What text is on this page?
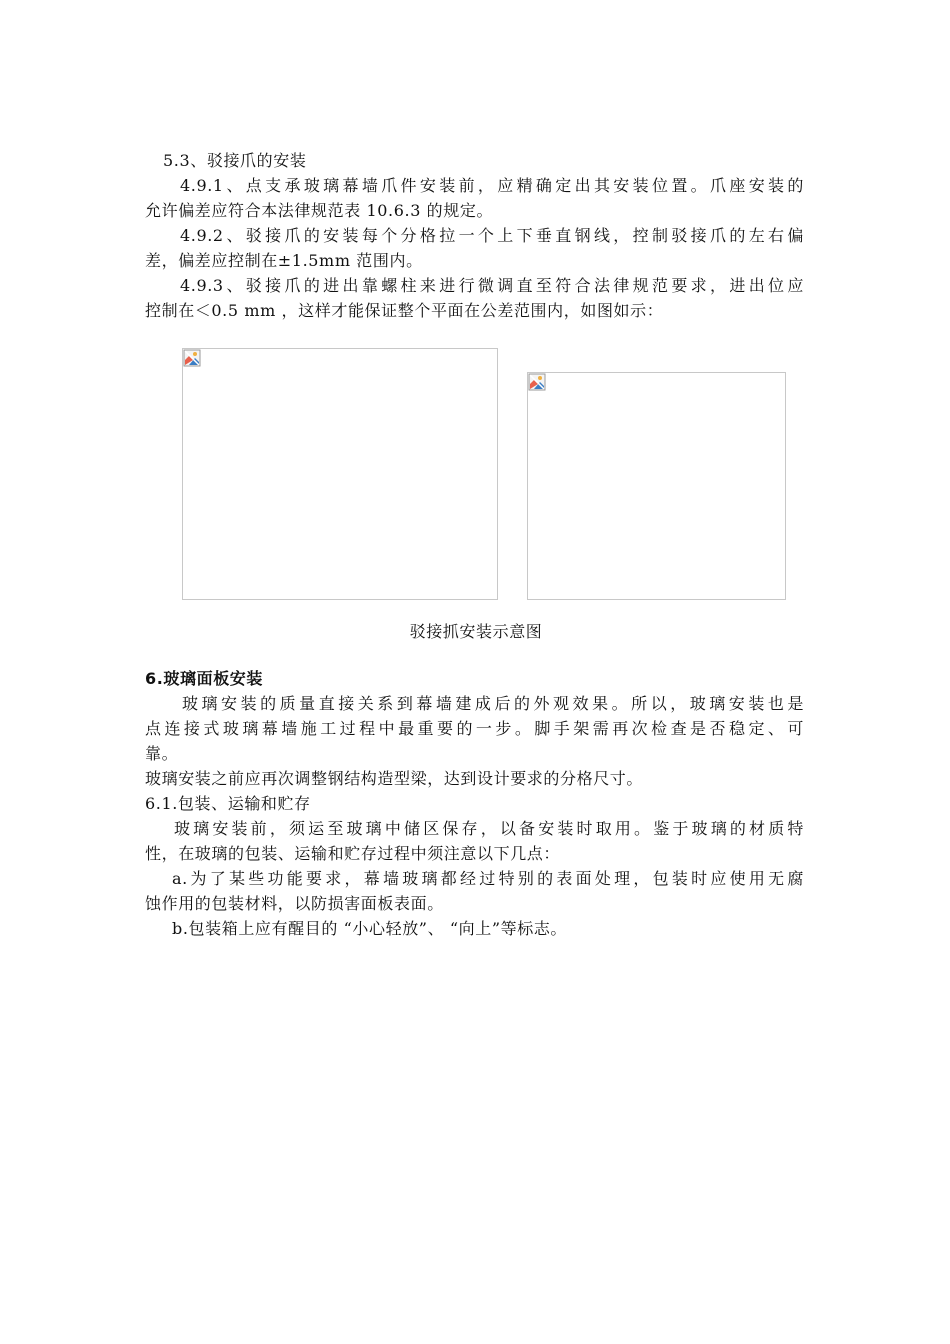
5.3、驳接爪的安装
4.9.1、点支承玻璃幕墙爪件安装前，应精确定出其安装位置。爪座安装的
允许偏差应符合本法律规范表 10.6.3 的规定。
4.9.2、驳接爪的安装每个分格拉一个上下垂直钢线，控制驳接爪的左右偏
差，偏差应控制在±1.5mm 范围内。
4.9.3、驳接爪的进出靠螺柱来进行微调直至符合法律规范要求，进出位应
控制在＜0.5 mm ，这样才能保证整个平面在公差范围内，如图如示：
驳接抓安装示意图
6.玻璃面板安装
玻璃安装的质量直接关系到幕墙建成后的外观效果。所以，玻璃安装也是
点连接式玻璃幕墙施工过程中最重要的一步。脚手架需再次检查是否稳定、可
靠。
玻璃安装之前应再次调整钢结构造型梁，达到设计要求的分格尺寸。
6.1.包装、运输和贮存
玻璃安装前，须运至玻璃中储区保存，以备安装时取用。鉴于玻璃的材质特
性，在玻璃的包装、运输和贮存过程中须注意以下几点：
a.为了某些功能要求，幕墙玻璃都经过特别的表面处理，包装时应使用无腐
蚀作用的包装材料，以防损害面板表面。
b.包装箱上应有醒目的 “小心轻放”、 “向上”等标志。
